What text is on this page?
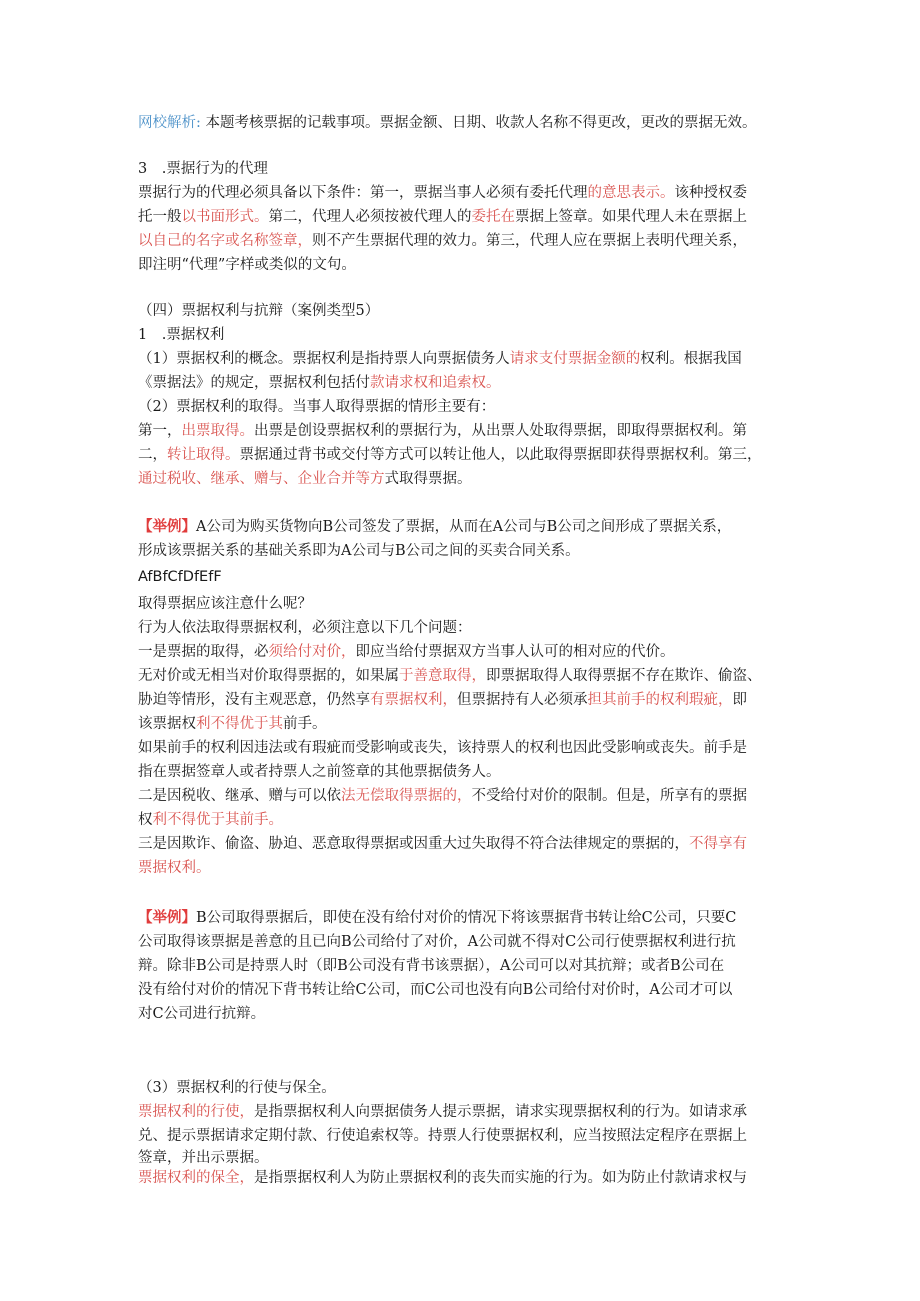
网校解析: 本题考核票据的记载事项。票据金额、日期、收款人名称不得更改，更改的票据无效。
3　.票据行为的代理
票据行为的代理必须具备以下条件：第一，票据当事人必须有委托代理的意思表示。该种授权委
托一般以书面形式。第二，代理人必须按被代理人的委托在票据上签章。如果代理人未在票据上
以自己的名字或名称签章，则不产生票据代理的效力。第三，代理人应在票据上表明代理关系，
即注明“代理”字样或类似的文句。
（四）票据权利与抗辩（案例类型5）
1　.票据权利
（1）票据权利的概念。票据权利是指持票人向票据债务人请求支付票据金额的权利。根据我国
《票据法》的规定，票据权利包括付款请求权和追索权。
（2）票据权利的取得。当事人取得票据的情形主要有：
第一，出票取得。出票是创设票据权利的票据行为，从出票人处取得票据，即取得票据权利。第
二，转让取得。票据通过背书或交付等方式可以转让他人，以此取得票据即获得票据权利。第三，
通过税收、继承、赠与、企业合并等方式取得票据。
【举例】A公司为购买货物向B公司签发了票据，从而在A公司与B公司之间形成了票据关系，
形成该票据关系的基础关系即为A公司与B公司之间的买卖合同关系。
AfBfCfDfEfF
取得票据应该注意什么呢？
行为人依法取得票据权利，必须注意以下几个问题：
一是票据的取得，必须给付对价，即应当给付票据双方当事人认可的相对应的代价。
无对价或无相当对价取得票据的，如果属于善意取得，即票据取得人取得票据不存在欺诈、偷盗、
胁迫等情形，没有主观恶意，仍然享有票据权利，但票据持有人必须承担其前手的权利瑕疵，即
该票据权利不得优于其前手。
如果前手的权利因违法或有瑕疵而受影响或丧失，该持票人的权利也因此受影响或丧失。前手是
指在票据签章人或者持票人之前签章的其他票据债务人。
二是因税收、继承、赠与可以依法无偿取得票据的，不受给付对价的限制。但是，所享有的票据
权利不得优于其前手。
三是因欺诈、偷盗、胁迫、恶意取得票据或因重大过失取得不符合法律规定的票据的，不得享有
票据权利。
【举例】B公司取得票据后，即使在没有给付对价的情况下将该票据背书转让给C公司，只要C
公司取得该票据是善意的且已向B公司给付了对价，A公司就不得对C公司行使票据权利进行抗
辩。除非B公司是持票人时（即B公司没有背书该票据），A公司可以对其抗辩；或者B公司在
没有给付对价的情况下背书转让给C公司，而C公司也没有向B公司给付对价时，A公司才可以
对C公司进行抗辩。
（3）票据权利的行使与保全。
票据权利的行使，是指票据权利人向票据债务人提示票据，请求实现票据权利的行为。如请求承
兑、提示票据请求定期付款、行使追索权等。持票人行使票据权利，应当按照法定程序在票据上
签章，并出示票据。
票据权利的保全，是指票据权利人为防止票据权利的丧失而实施的行为。如为防止付款请求权与
